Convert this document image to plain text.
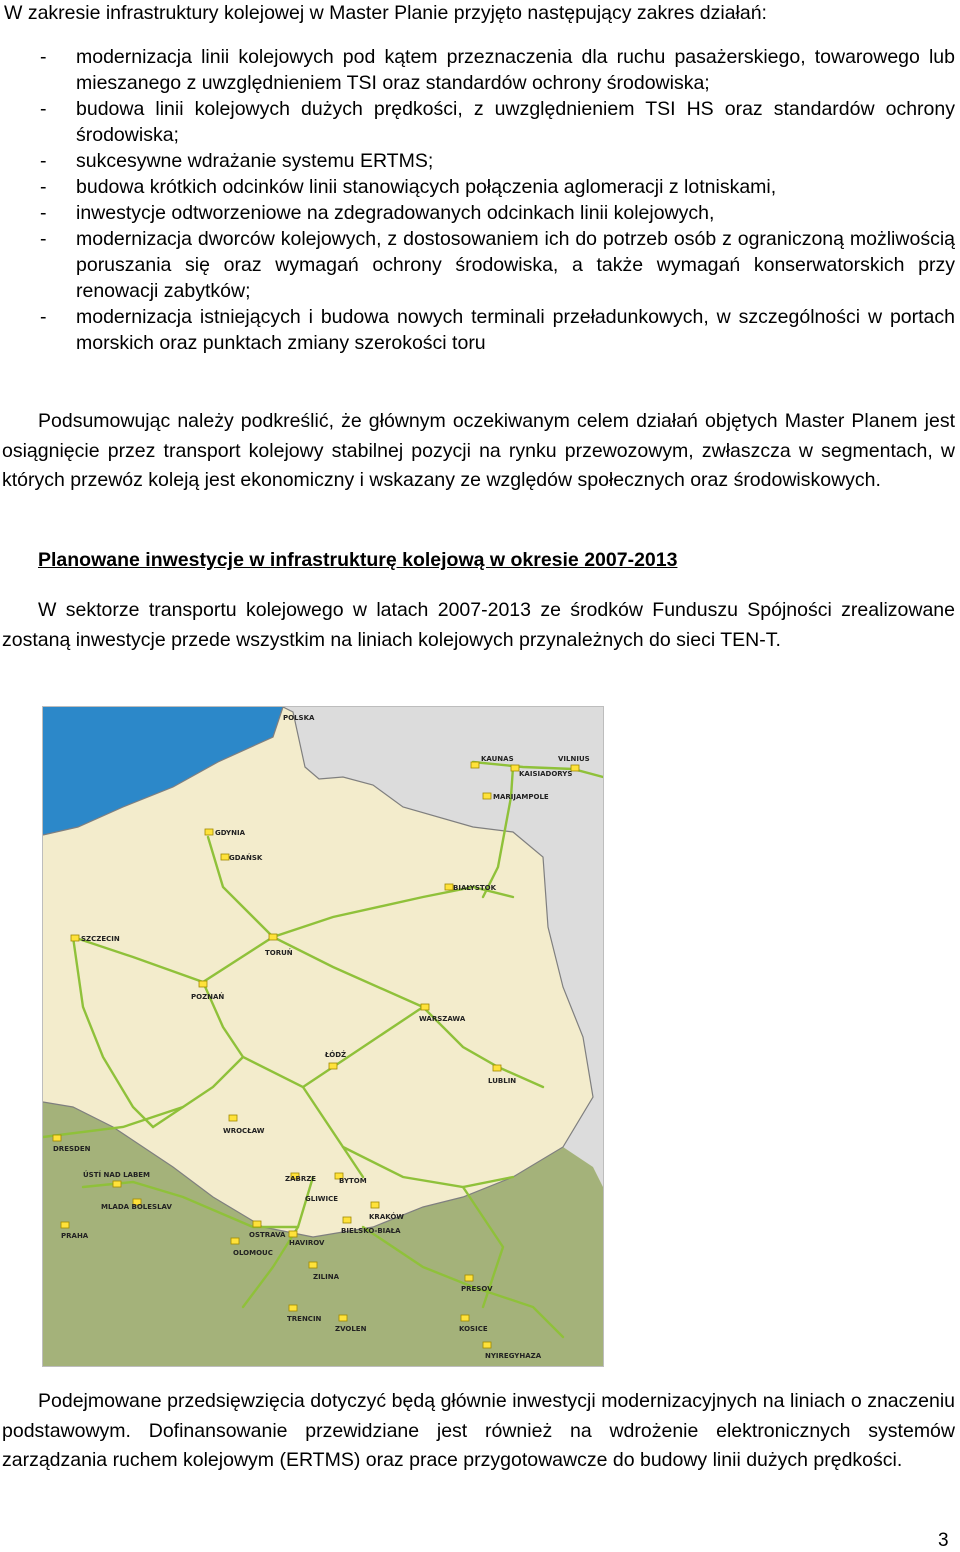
W zakresie infrastruktury kolejowej w Master Planie przyjęto następujący zakres działań:
- modernizacja linii kolejowych pod kątem przeznaczenia dla ruchu pasażerskiego, towarowego lub mieszanego z uwzględnieniem TSI oraz standardów ochrony środowiska;
- budowa linii kolejowych dużych prędkości, z uwzględnieniem TSI HS oraz standardów ochrony środowiska;
- sukcesywne wdrażanie systemu ERTMS;
- budowa krótkich odcinków linii stanowiących połączenia aglomeracji z lotniskami,
- inwestycje odtworzeniowe na zdegradowanych odcinkach linii kolejowych,
- modernizacja dworców kolejowych, z dostosowaniem ich do potrzeb osób z ograniczoną możliwością poruszania się oraz wymagań ochrony środowiska, a także wymagań konserwatorskich przy renowacji zabytków;
- modernizacja istniejących i budowa nowych terminali przeładunkowych, w szczególności w portach morskich oraz punktach zmiany szerokości toru
Podsumowując należy podkreślić, że głównym oczekiwanym celem działań objętych Master Planem jest osiągnięcie przez transport kolejowy stabilnej pozycji na rynku przewozowym, zwłaszcza w segmentach, w których przewóz koleją jest ekonomiczny i wskazany ze względów społecznych oraz środowiskowych.
Planowane inwestycje w infrastrukturę kolejową w okresie 2007-2013
W sektorze transportu kolejowego w latach 2007-2013 ze środków Funduszu Spójności zrealizowane zostaną inwestycje przede wszystkim na liniach kolejowych przynależnych do sieci TEN-T.
POLSKA
KAUNAS
KAISIADORYS
VILNIUS
MARIJAMPOLE
GDYNIA
GDAŃSK
BIAŁYSTOK
SZCZECIN
TORUŃ
POZNAŃ
WARSZAWA
ŁÓDŹ
LUBLIN
WROCŁAW
DRESDEN
ÚSTÍ NAD LABEM
MLADA BOLESLAV
PRAHA
ZABRZE	BYTOM
GLIWICE
KRAKÓW
BIELSKO-BIAŁA
OSTRAVA
HAVIROV
OLOMOUC
ZILINA
PRESOV
TRENCIN
ZVOLEN	KOSICE
NYIREGYHAZA
Podejmowane przedsięwzięcia dotyczyć będą głównie inwestycji modernizacyjnych na liniach o znaczeniu podstawowym. Dofinansowanie przewidziane jest również na wdrożenie elektronicznych systemów zarządzania ruchem kolejowym (ERTMS) oraz prace przygotowawcze do budowy linii dużych prędkości.
3
